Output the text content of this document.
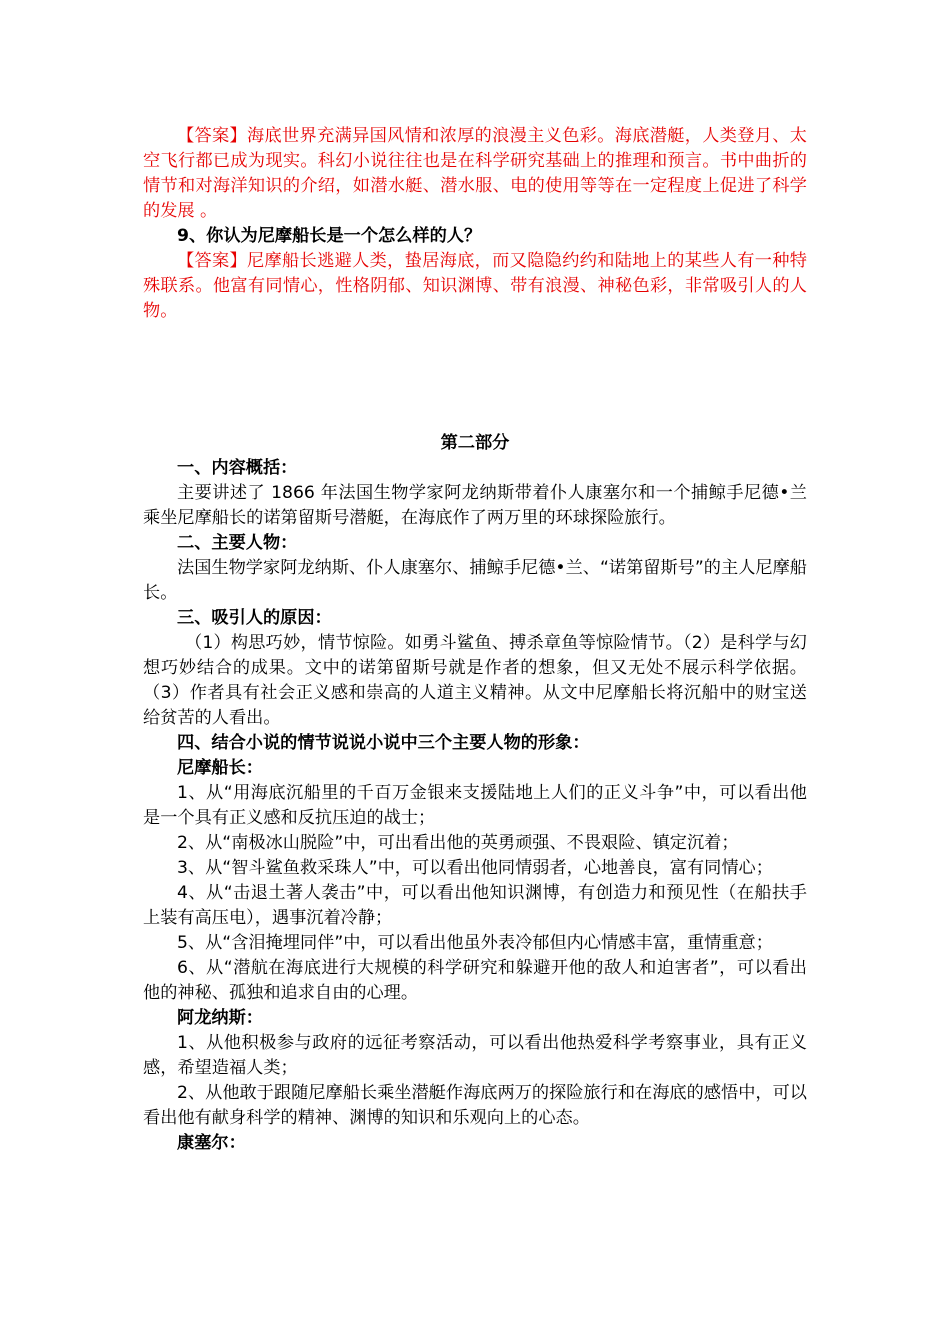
【答案】海底世界充满异国风情和浓厚的浪漫主义色彩。海底潜艇，人类登月、太空飞行都已成为现实。科幻小说往往也是在科学研究基础上的推理和预言。书中曲折的情节和对海洋知识的介绍，如潜水艇、潜水服、电的使用等等在一定程度上促进了科学的发展 。

9、你认为尼摩船长是一个怎么样的人？

【答案】尼摩船长逃避人类，蛰居海底，而又隐隐约约和陆地上的某些人有一种特殊联系。他富有同情心，性格阴郁、知识渊博、带有浪漫、神秘色彩，非常吸引人的人物。

第二部分

一、内容概括：

主要讲述了 1866 年法国生物学家阿龙纳斯带着仆人康塞尔和一个捕鲸手尼德•兰乘坐尼摩船长的诺第留斯号潜艇，在海底作了两万里的环球探险旅行。

二、主要人物：

法国生物学家阿龙纳斯、仆人康塞尔、捕鲸手尼德•兰、“诺第留斯号”的主人尼摩船长。

三、吸引人的原因：

（1）构思巧妙，情节惊险。如勇斗鲨鱼、搏杀章鱼等惊险情节。（2）是科学与幻想巧妙结合的成果。文中的诺第留斯号就是作者的想象，但又无处不展示科学依据。（3）作者具有社会正义感和崇高的人道主义精神。从文中尼摩船长将沉船中的财宝送给贫苦的人看出。

四、结合小说的情节说说小说中三个主要人物的形象：

尼摩船长：

1、从“用海底沉船里的千百万金银来支援陆地上人们的正义斗争”中，可以看出他是一个具有正义感和反抗压迫的战士；

2、从“南极冰山脱险”中，可出看出他的英勇顽强、不畏艰险、镇定沉着；

3、从“智斗鲨鱼救采珠人”中，可以看出他同情弱者，心地善良，富有同情心；

4、从“击退土著人袭击”中，可以看出他知识渊博，有创造力和预见性（在船扶手上装有高压电），遇事沉着冷静；

5、从“含泪掩埋同伴”中，可以看出他虽外表冷郁但内心情感丰富，重情重意；

6、从“潜航在海底进行大规模的科学研究和躲避开他的敌人和迫害者”，可以看出他的神秘、孤独和追求自由的心理。

阿龙纳斯：

1、从他积极参与政府的远征考察活动，可以看出他热爱科学考察事业，具有正义感，希望造福人类；

2、从他敢于跟随尼摩船长乘坐潜艇作海底两万的探险旅行和在海底的感悟中，可以看出他有献身科学的精神、渊博的知识和乐观向上的心态。

康塞尔：
